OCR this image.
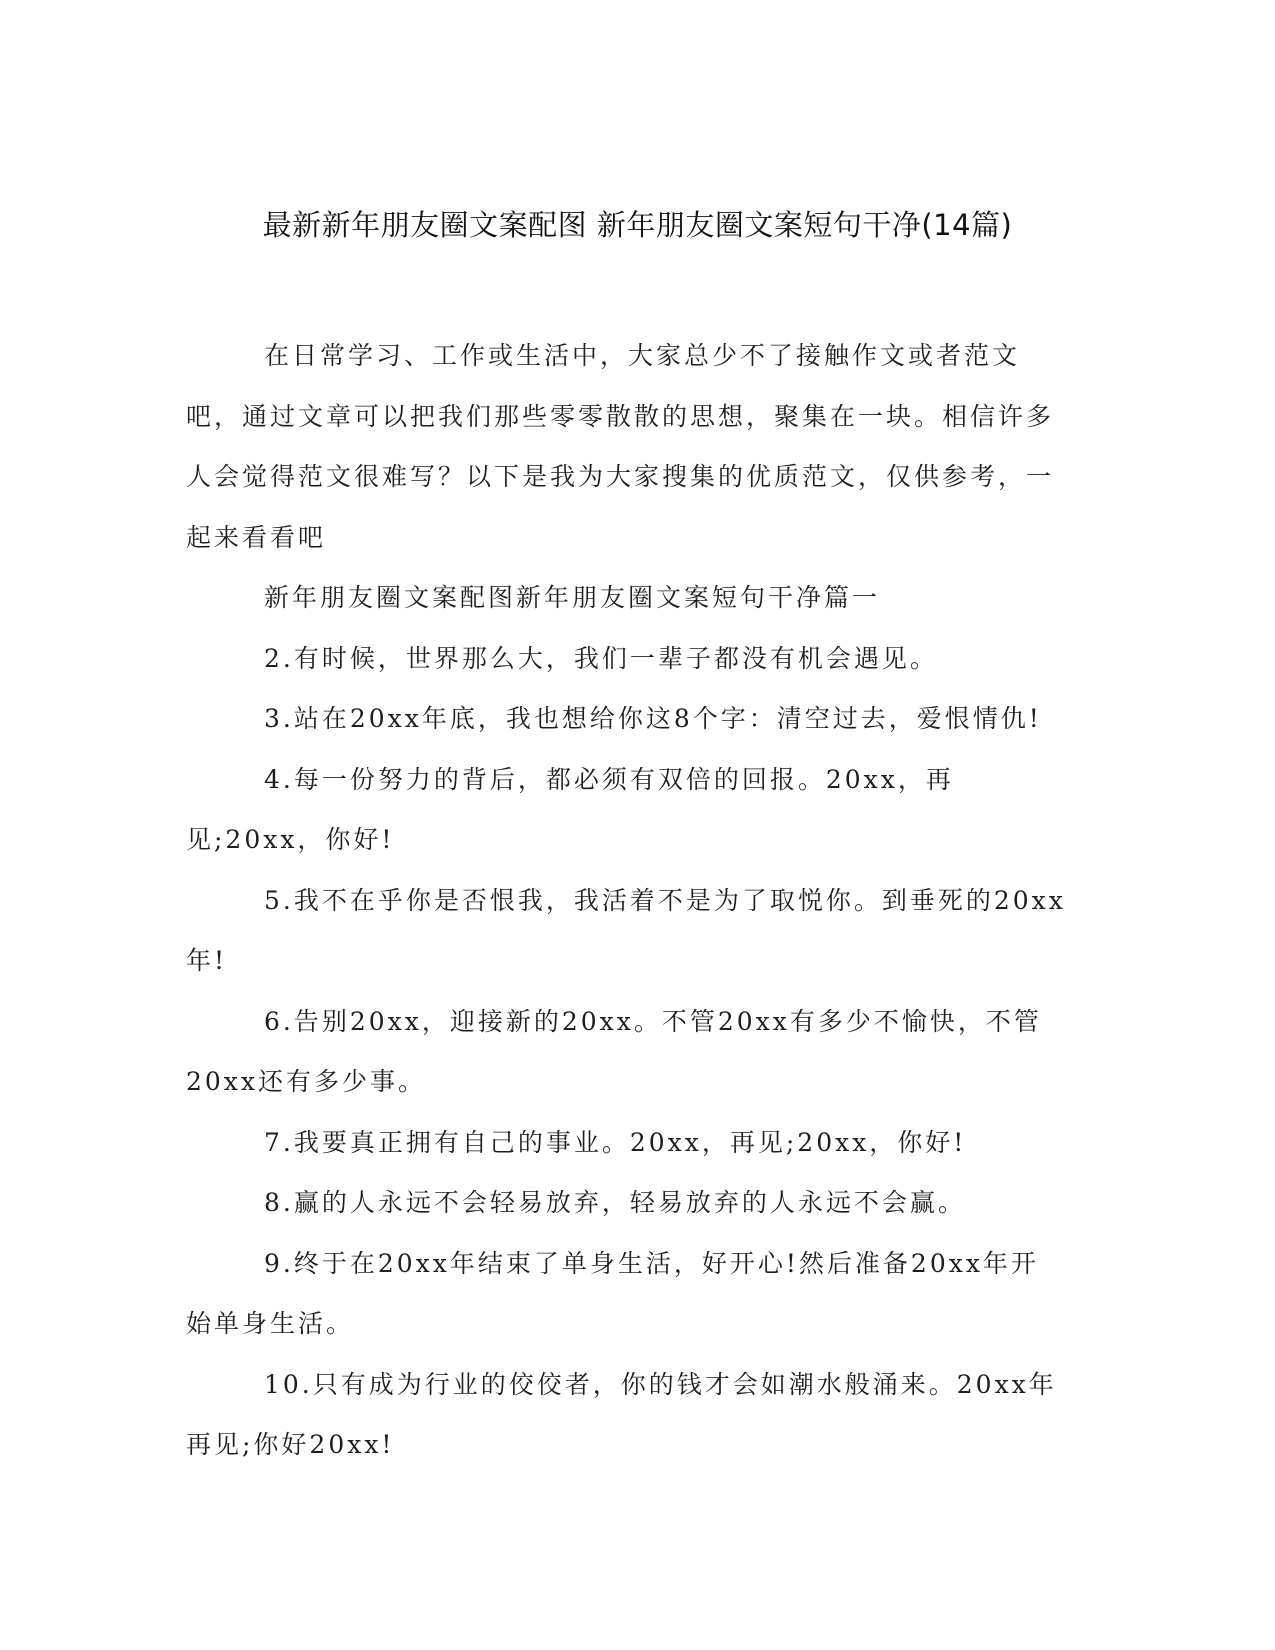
最新新年朋友圈文案配图 新年朋友圈文案短句干净(14篇)

在日常学习、工作或生活中，大家总少不了接触作文或者范文吧，通过文章可以把我们那些零零散散的思想，聚集在一块。相信许多人会觉得范文很难写？以下是我为大家搜集的优质范文，仅供参考，一起来看看吧

新年朋友圈文案配图新年朋友圈文案短句干净篇一

2.有时候，世界那么大，我们一辈子都没有机会遇见。

3.站在20xx年底，我也想给你这8个字：清空过去，爱恨情仇!

4.每一份努力的背后，都必须有双倍的回报。20xx，再见;20xx，你好!

5.我不在乎你是否恨我，我活着不是为了取悦你。到垂死的20xx年!

6.告别20xx，迎接新的20xx。不管20xx有多少不愉快，不管20xx还有多少事。

7.我要真正拥有自己的事业。20xx，再见;20xx，你好!

8.赢的人永远不会轻易放弃，轻易放弃的人永远不会赢。

9.终于在20xx年结束了单身生活，好开心!然后准备20xx年开始单身生活。

10.只有成为行业的佼佼者，你的钱才会如潮水般涌来。20xx年再见;你好20xx!
